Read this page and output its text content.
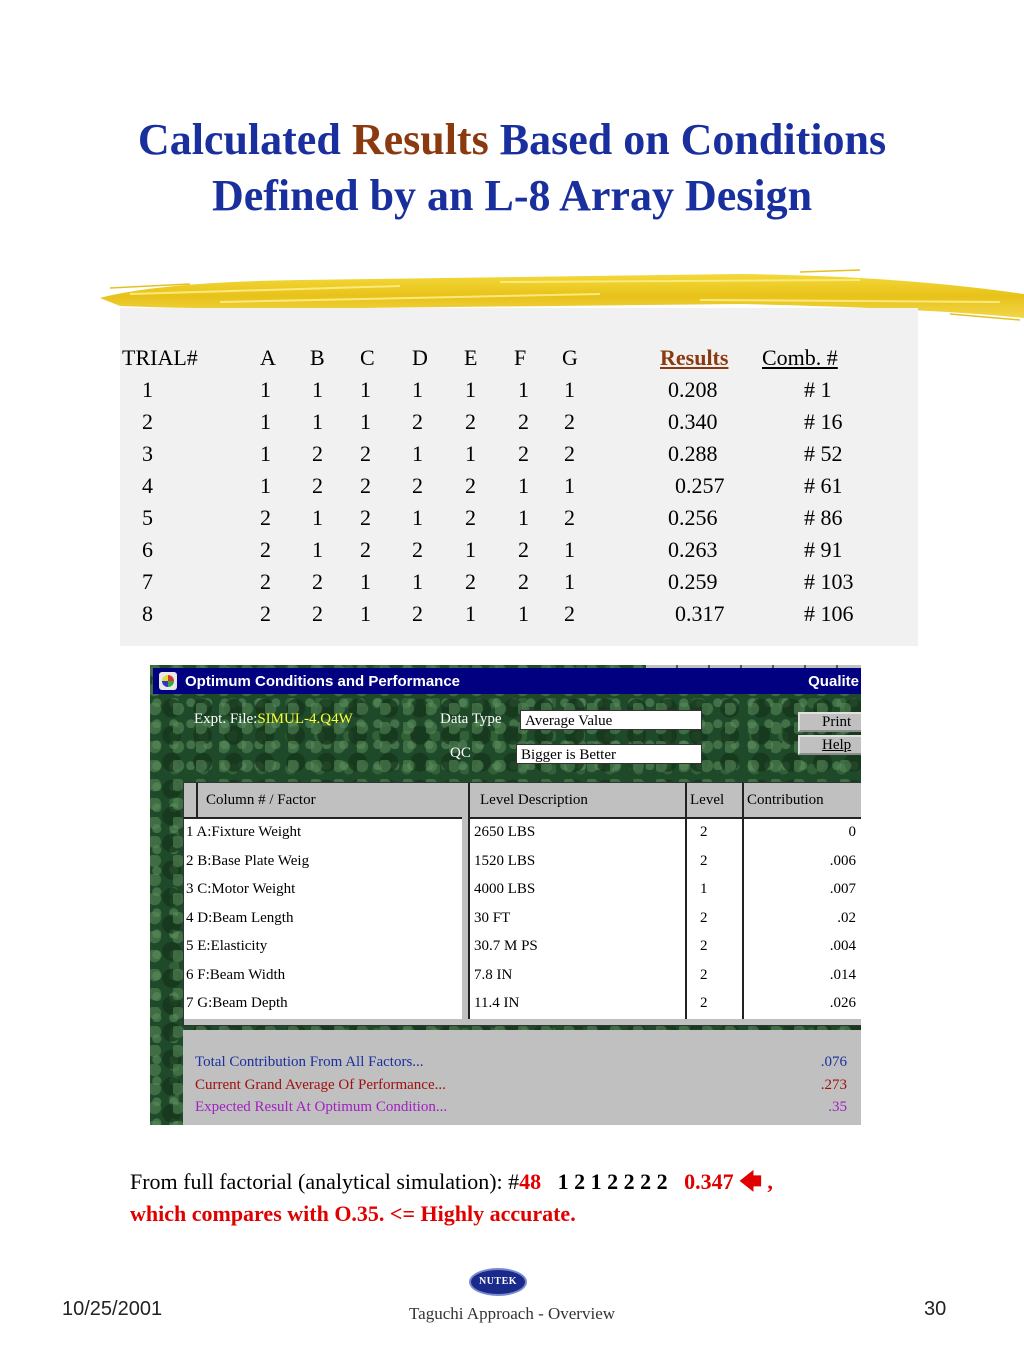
Calculated Results Based on Conditions
Defined by an L-8 Array Design
TRIAL#	A B C D E F G	Results Comb. #
1	1 1 1 1 1 1 1	0.208	# 1
2	1 1 1 2 2 2 2	0.340	# 16
3	1 2 2 1 1 2 2	0.288	# 52
4	1 2 2 2 2 1 1	0.257	# 61
5	2 1 2 1 2 1 2	0.256	# 86
6	2 1 2 2 1 2 1	0.263	# 91
7	2 2 1 1 2 2 1	0.259	# 103
8	2 2 1 2 1 1 2	0.317	# 106
Optimum Conditions and Performance	Qualite
Expt. File:SIMUL-4.Q4W	Data Type	Average Value
QC	Bigger is Better
Print
Help
Column # / Factor	Level Description	Level Contribution
1 A:Fixture Weight	2650 LBS	2	0
2 B:Base Plate Weig	1520 LBS	2	.006
3 C:Motor Weight	4000 LBS	1	.007
4 D:Beam Length	30 FT	2	.02
5 E:Elasticity	30.7 M PS	2	.004
6 F:Beam Width	7.8 IN	2	.014
7 G:Beam Depth	11.4 IN	2	.026
Total Contribution From All Factors...	.076
Current Grand Average Of Performance...	.273
Expected Result At Optimum Condition...	.35
From full factorial (analytical simulation): #48 1 2 1 2 2 2 2 0.347 🡄 ,
which compares with O.35. <= Highly accurate.
NUTEK
10/25/2001	Taguchi Approach - Overview	30
